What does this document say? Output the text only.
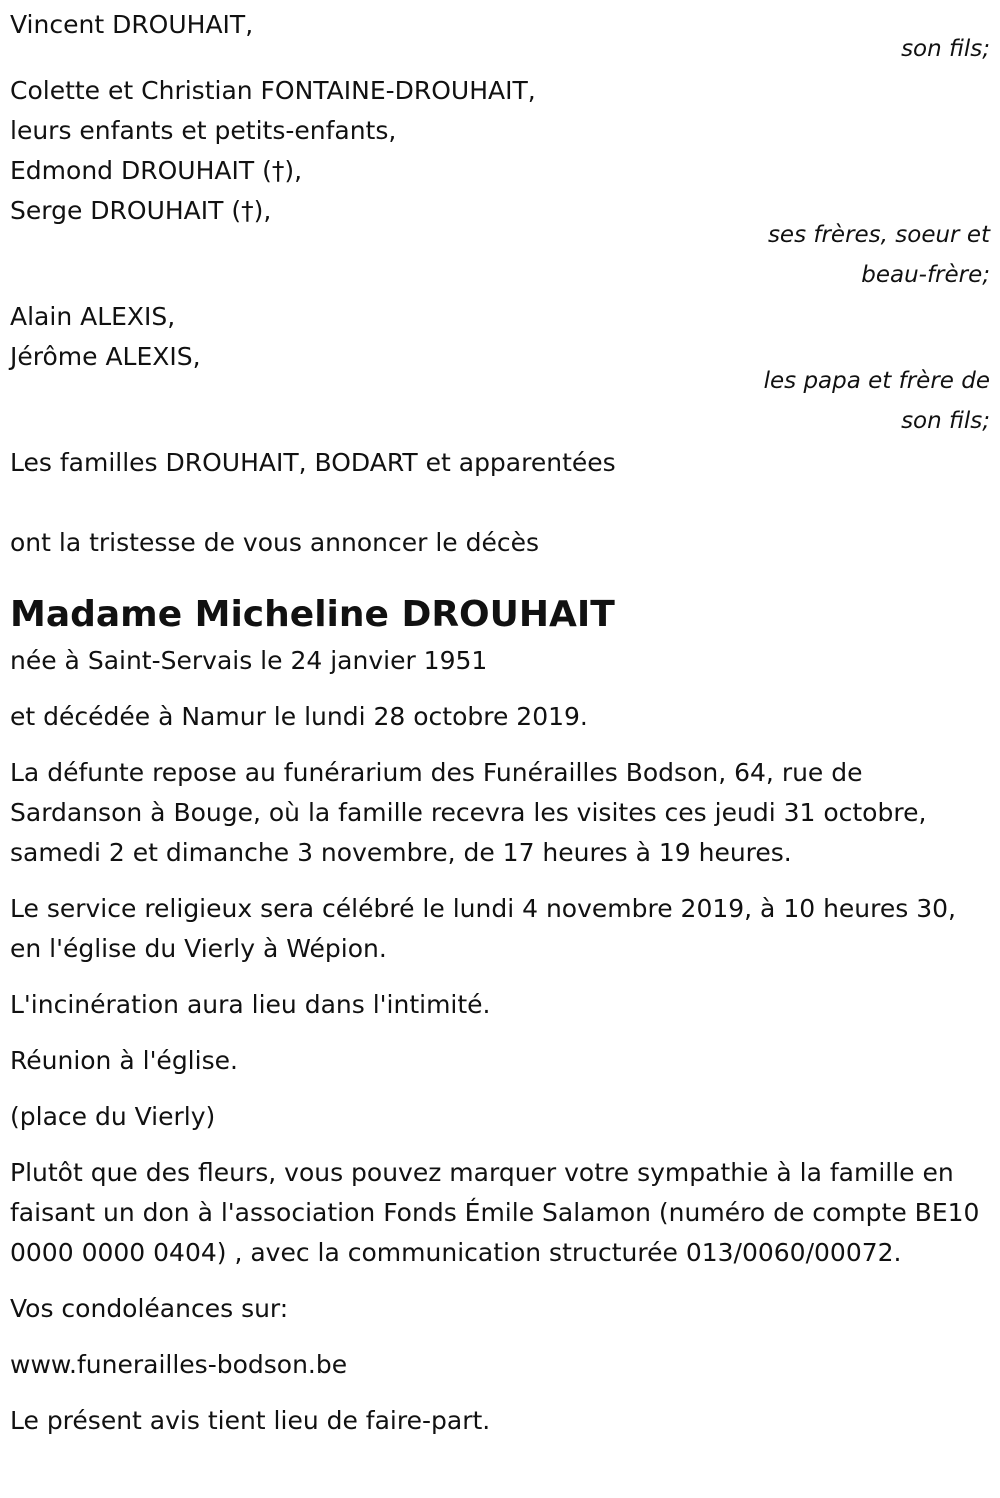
Vincent DROUHAIT,
son fils;
Colette et Christian FONTAINE-DROUHAIT,
leurs enfants et petits-enfants,
Edmond DROUHAIT (†),
Serge DROUHAIT (†),
ses frères, soeur et
beau-frère;
Alain ALEXIS,
Jérôme ALEXIS,
les papa et frère de
son fils;
Les familles DROUHAIT, BODART et apparentées
ont la tristesse de vous annoncer le décès
Madame Micheline DROUHAIT

née à Saint-Servais le 24 janvier 1951

et décédée à Namur le lundi 28 octobre 2019.

La défunte repose au funérarium des Funérailles Bodson, 64, rue de Sardanson à Bouge, où la famille recevra les visites ces jeudi 31 octobre, samedi 2 et dimanche 3 novembre, de 17 heures à 19 heures.

Le service religieux sera célébré le lundi 4 novembre 2019, à 10 heures 30, en l'église du Vierly à Wépion.

L'incinération aura lieu dans l'intimité.

Réunion à l'église.

(place du Vierly)

Plutôt que des fleurs, vous pouvez marquer votre sympathie à la famille en faisant un don à l'association Fonds Émile Salamon (numéro de compte BE10 0000 0000 0404) , avec la communication structurée 013/0060/00072.

Vos condoléances sur:

www.funerailles-bodson.be

Le présent avis tient lieu de faire-part.
